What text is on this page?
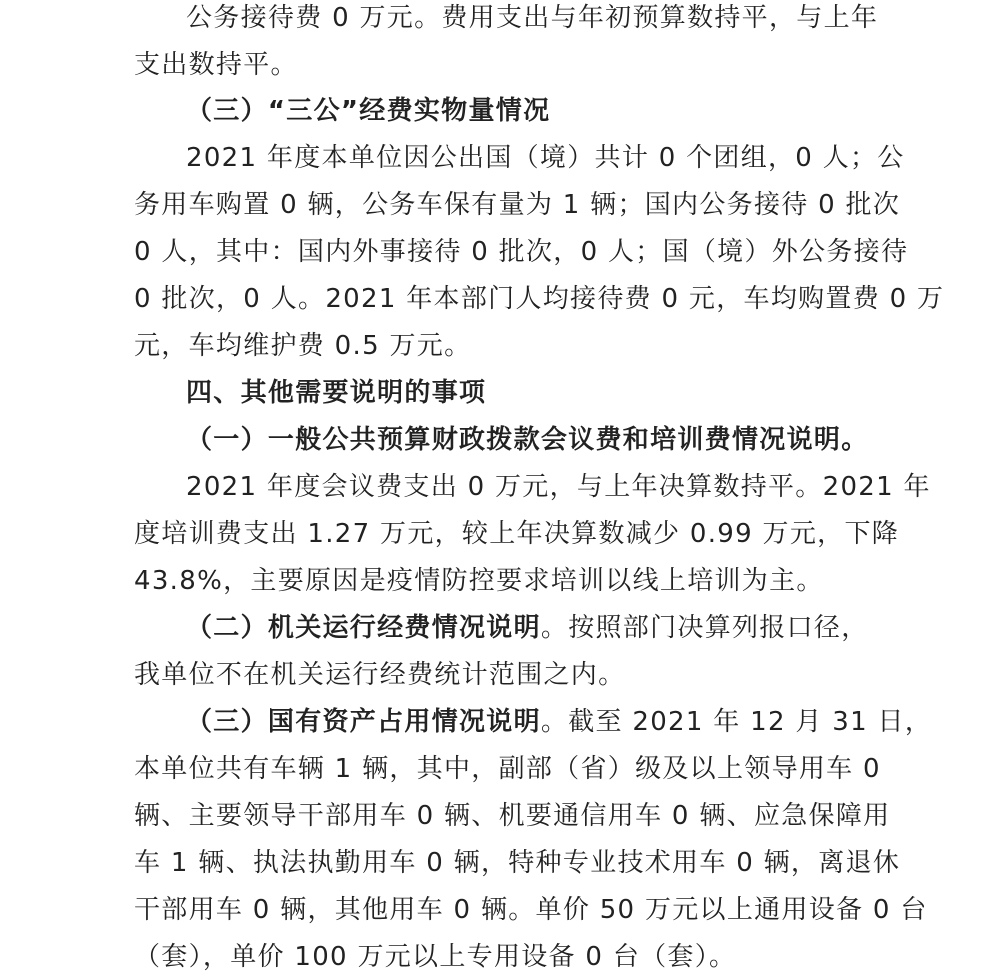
公务接待费 0 万元。费用支出与年初预算数持平，与上年
支出数持平。
（三）“三公”经费实物量情况
2021 年度本单位因公出国（境）共计 0 个团组，0 人；公
务用车购置 0 辆，公务车保有量为 1 辆；国内公务接待 0 批次
0 人，其中：国内外事接待 0 批次，0 人；国（境）外公务接待
0 批次，0 人。2021 年本部门人均接待费 0 元，车均购置费 0 万
元，车均维护费 0.5 万元。
四、其他需要说明的事项
（一）一般公共预算财政拨款会议费和培训费情况说明。
2021 年度会议费支出 0 万元，与上年决算数持平。2021 年
度培训费支出 1.27 万元，较上年决算数减少 0.99 万元，下降
43.8%，主要原因是疫情防控要求培训以线上培训为主。
（二）机关运行经费情况说明。按照部门决算列报口径，
我单位不在机关运行经费统计范围之内。
（三）国有资产占用情况说明。截至 2021 年 12 月 31 日，
本单位共有车辆 1 辆，其中，副部（省）级及以上领导用车 0
辆、主要领导干部用车 0 辆、机要通信用车 0 辆、应急保障用
车 1 辆、执法执勤用车 0 辆，特种专业技术用车 0 辆，离退休
干部用车 0 辆，其他用车 0 辆。单价 50 万元以上通用设备 0 台
（套），单价 100 万元以上专用设备 0 台（套）。
